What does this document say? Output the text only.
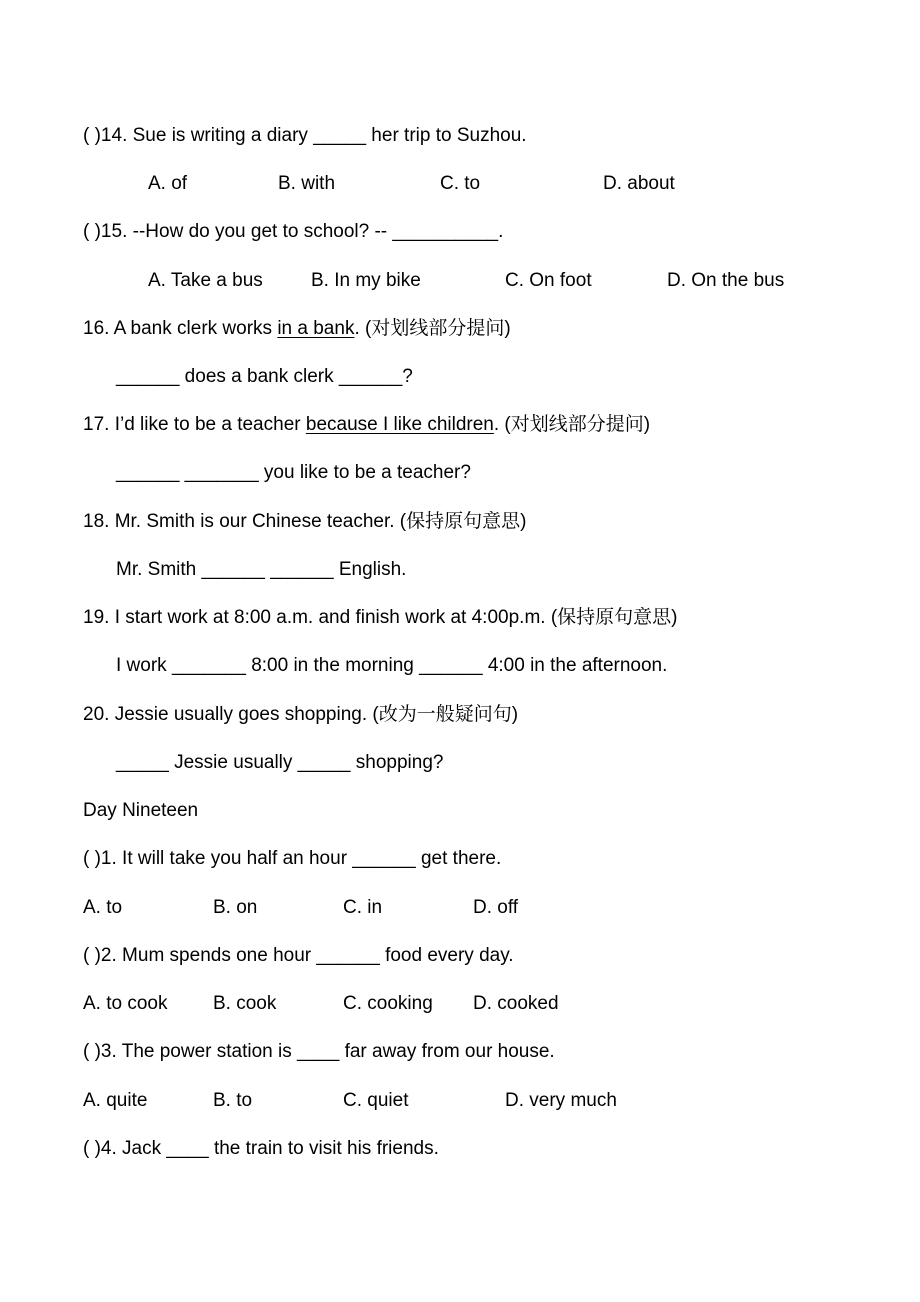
( )14. Sue is writing a diary _____ her trip to Suzhou.
A. of	B. with	C. to	D. about
( )15. --How do you get to school? -- __________.
A. Take a bus	B. In my bike	C. On foot	D. On the bus
16. A bank clerk works in a bank. (对划线部分提问)
______ does a bank clerk ______?
17. I’d like to be a teacher because I like children. (对划线部分提问)
______ _______ you like to be a teacher?
18. Mr. Smith is our Chinese teacher. (保持原句意思)
Mr. Smith ______ ______ English.
19. I start work at 8:00 a.m. and finish work at 4:00p.m. (保持原句意思)
I work _______ 8:00 in the morning ______ 4:00 in the afternoon.
20. Jessie usually goes shopping. (改为一般疑问句)
_____ Jessie usually _____ shopping?
Day Nineteen
( )1. It will take you half an hour ______ get there.
A. to	B. on	C. in	D. off
( )2. Mum spends one hour ______ food every day.
A. to cook B. cook	C. cooking D. cooked
( )3. The power station is ____ far away from our house.
A. quite	B. to	C. quiet	D. very much
( )4. Jack ____ the train to visit his friends.
